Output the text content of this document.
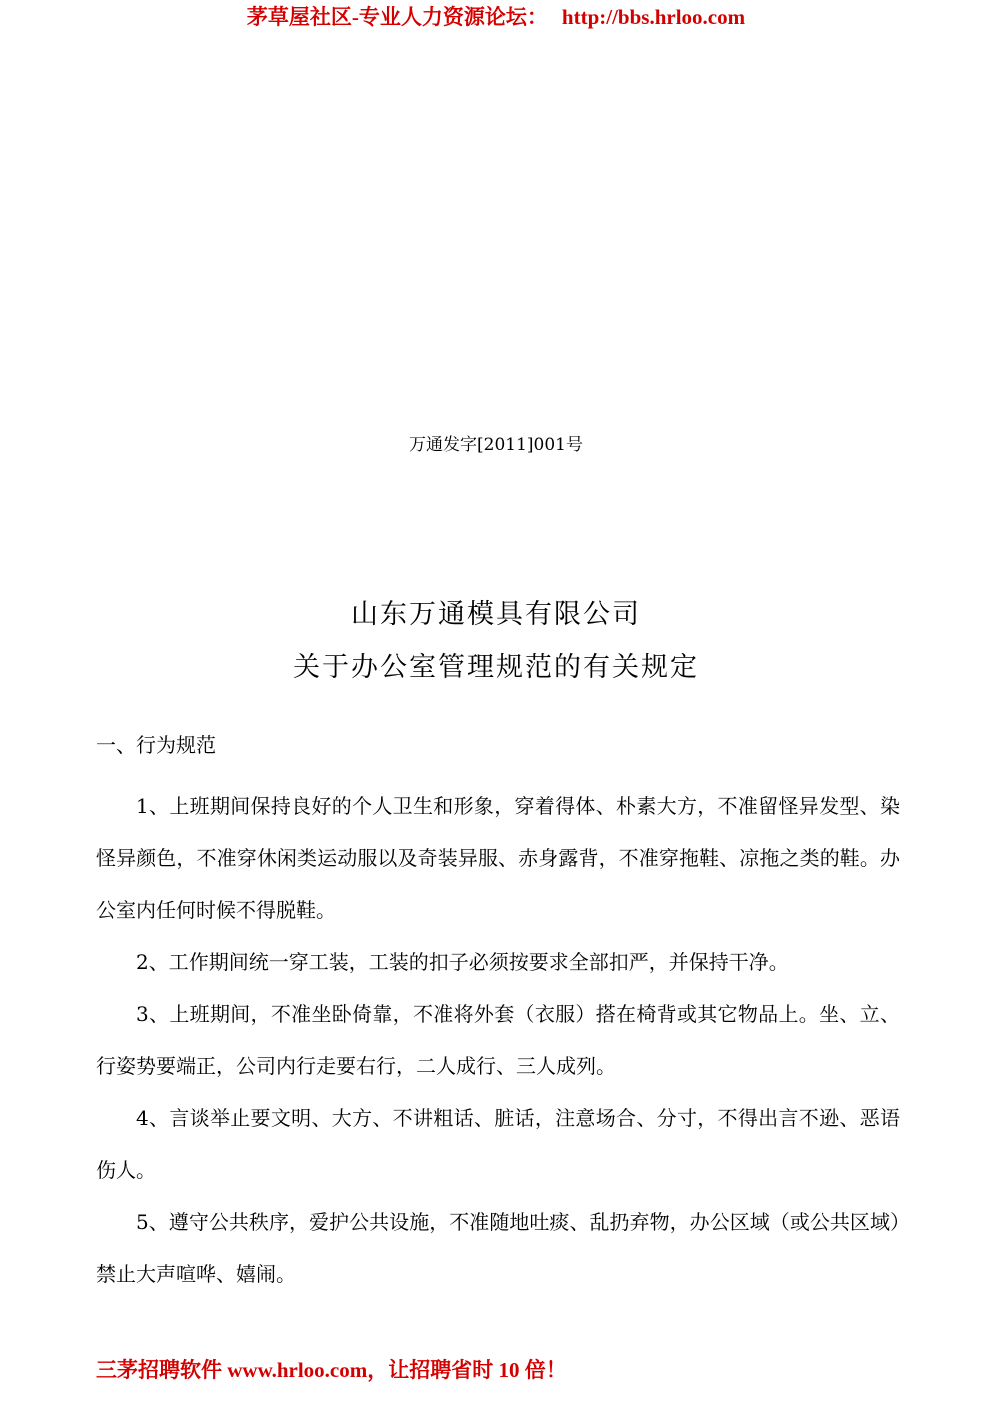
茅草屋社区-专业人力资源论坛： http://bbs.hrloo.com
万通发字[2011]001号
山东万通模具有限公司
关于办公室管理规范的有关规定
一、行为规范

1、上班期间保持良好的个人卫生和形象，穿着得体、朴素大方，不准留怪异发型、染怪异颜色，不准穿休闲类运动服以及奇装异服、赤身露背，不准穿拖鞋、凉拖之类的鞋。办公室内任何时候不得脱鞋。

2、工作期间统一穿工装，工装的扣子必须按要求全部扣严，并保持干净。

3、上班期间，不准坐卧倚靠，不准将外套（衣服）搭在椅背或其它物品上。坐、立、行姿势要端正，公司内行走要右行，二人成行、三人成列。

4、言谈举止要文明、大方、不讲粗话、脏话，注意场合、分寸，不得出言不逊、恶语伤人。

5、遵守公共秩序，爱护公共设施，不准随地吐痰、乱扔弃物，办公区域（或公共区域）禁止大声喧哗、嬉闹。

三茅招聘软件 www.hrloo.com，让招聘省时 10 倍！
